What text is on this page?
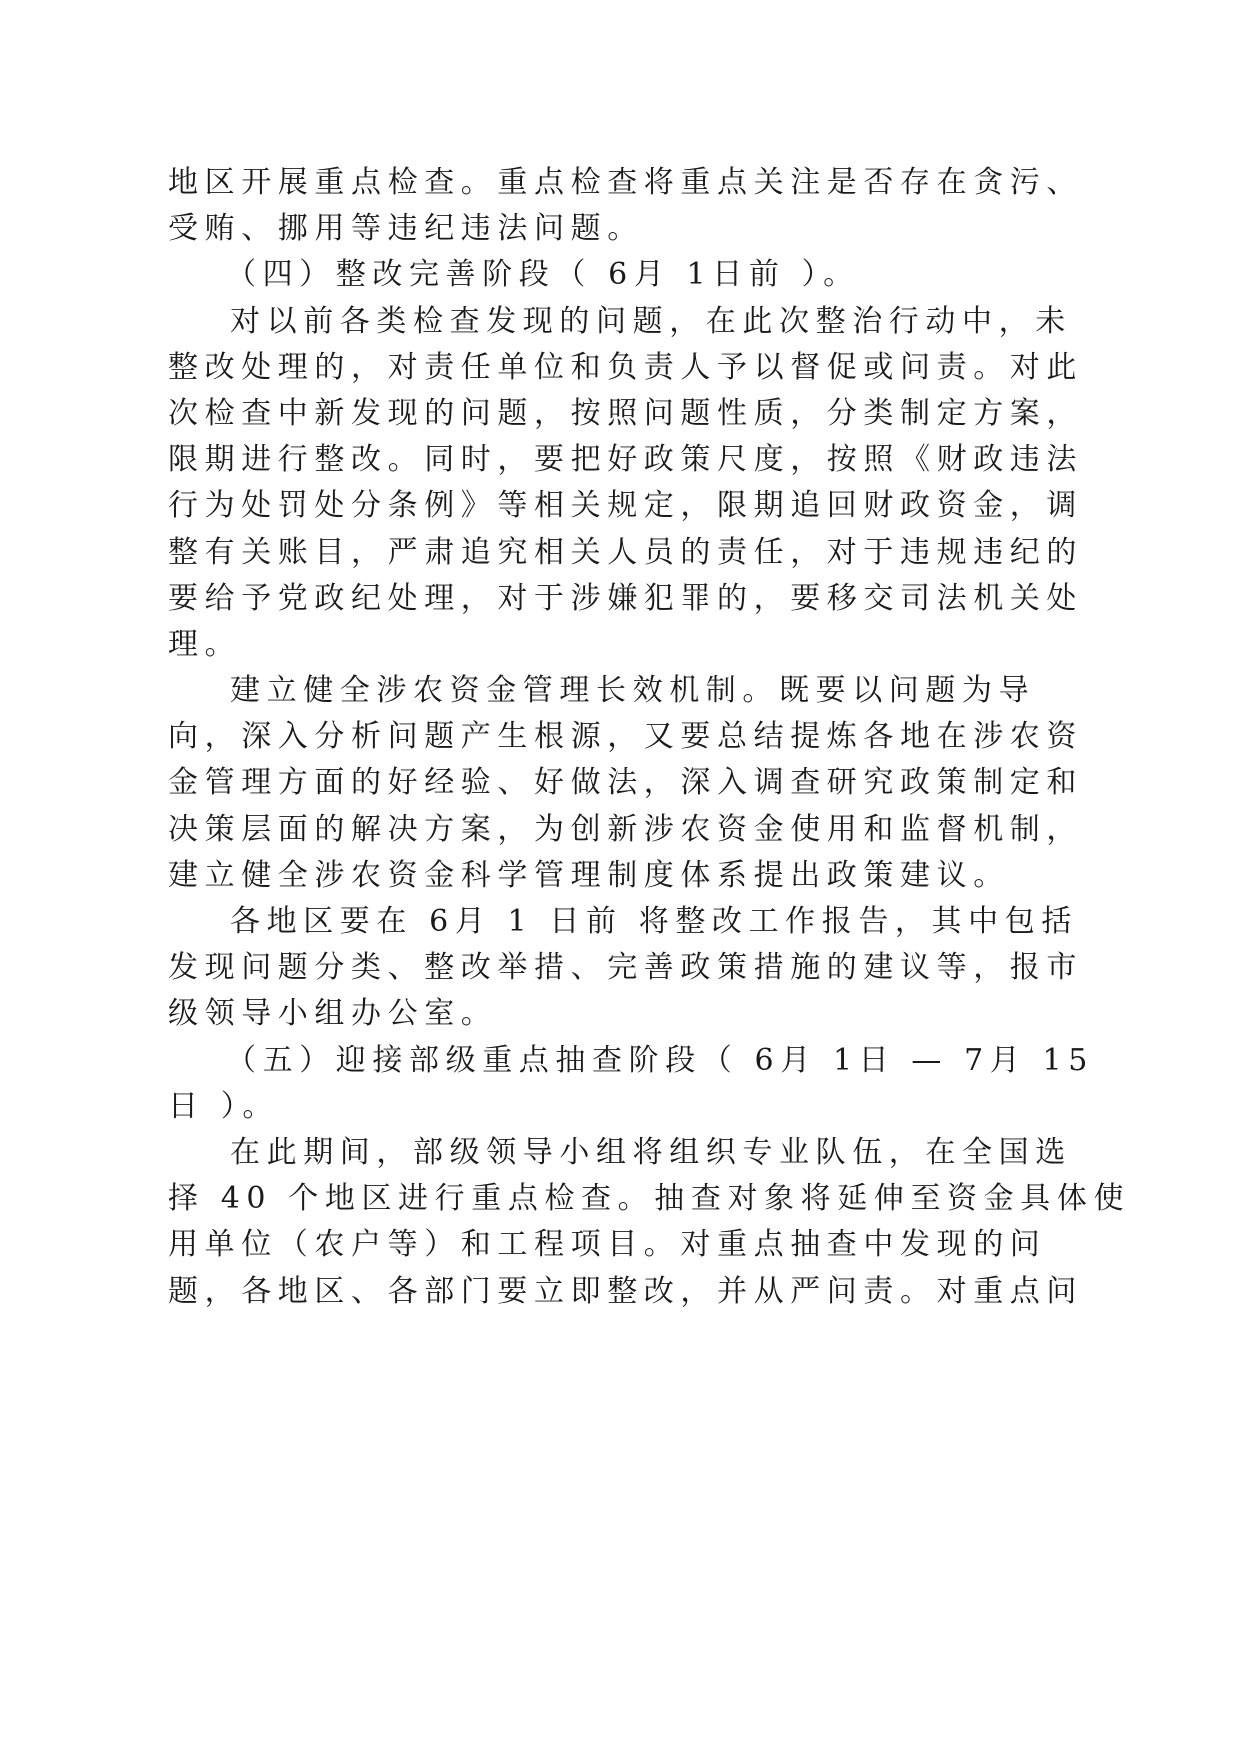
地区开展重点检查。重点检查将重点关注是否存在贪污、
受贿、挪用等违纪违法问题。
（四）整改完善阶段（ 6月 1日前 ）。
对以前各类检查发现的问题，在此次整治行动中，未
整改处理的，对责任单位和负责人予以督促或问责。对此
次检查中新发现的问题，按照问题性质，分类制定方案，
限期进行整改。同时，要把好政策尺度，按照《财政违法
行为处罚处分条例》等相关规定，限期追回财政资金，调
整有关账目，严肃追究相关人员的责任，对于违规违纪的
要给予党政纪处理，对于涉嫌犯罪的，要移交司法机关处
理。
建立健全涉农资金管理长效机制。既要以问题为导
向，深入分析问题产生根源，又要总结提炼各地在涉农资
金管理方面的好经验、好做法，深入调查研究政策制定和
决策层面的解决方案，为创新涉农资金使用和监督机制，
建立健全涉农资金科学管理制度体系提出政策建议。
各地区要在 6月 1 日前 将整改工作报告，其中包括
发现问题分类、整改举措、完善政策措施的建议等，报市
级领导小组办公室。
（五）迎接部级重点抽查阶段（ 6月 1日 — 7月 15
日 ）。
在此期间，部级领导小组将组织专业队伍，在全国选
择 40 个地区进行重点检查。抽查对象将延伸至资金具体使
用单位（农户等）和工程项目。对重点抽查中发现的问
题，各地区、各部门要立即整改，并从严问责。对重点问
